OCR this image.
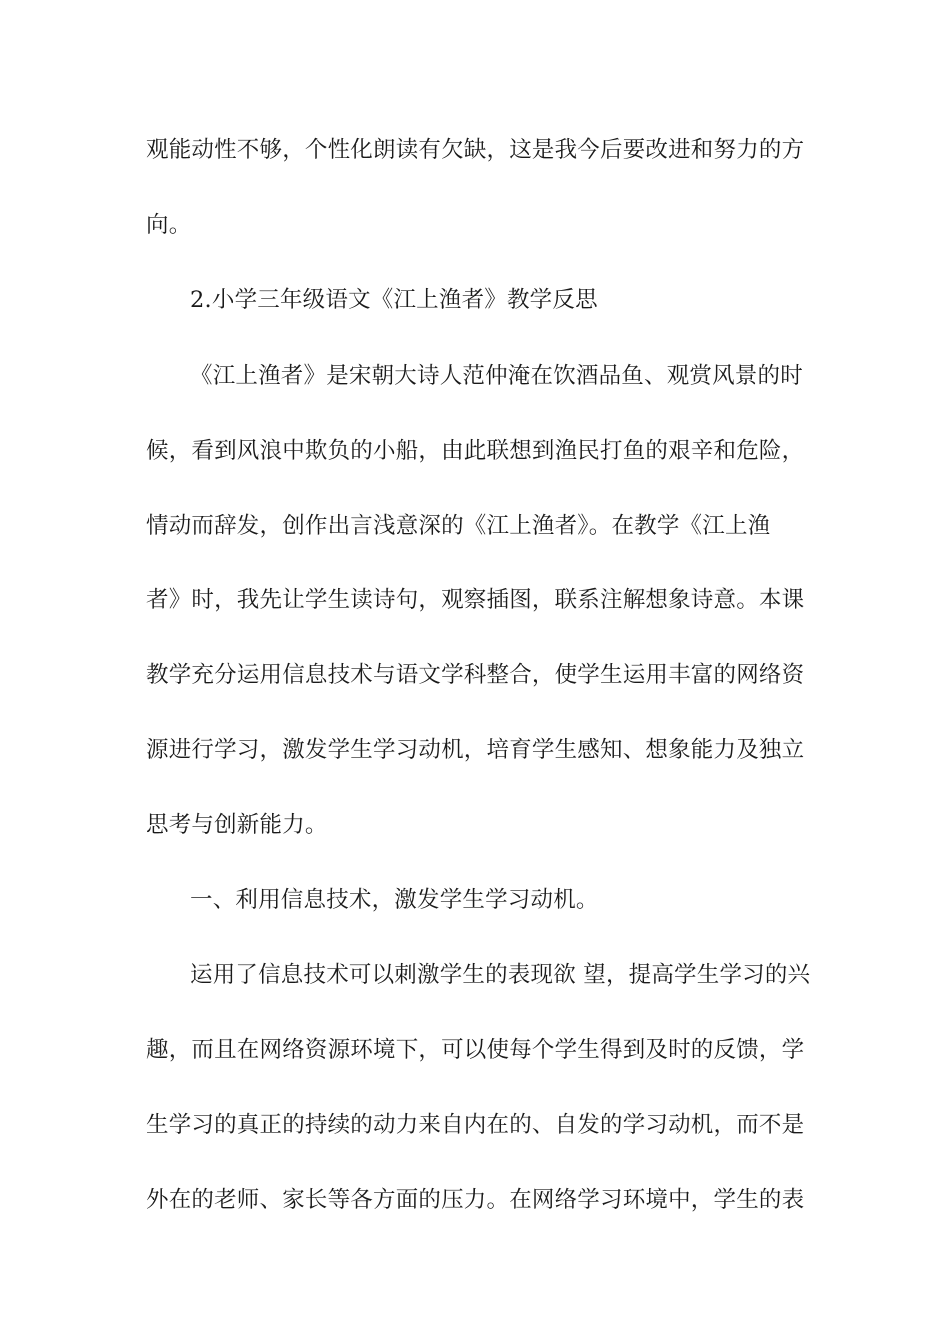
观能动性不够，个性化朗读有欠缺，这是我今后要改进和努力的方
向。
2.小学三年级语文《江上渔者》教学反思
《江上渔者》是宋朝大诗人范仲淹在饮酒品鱼、观赏风景的时
候，看到风浪中欺负的小船，由此联想到渔民打鱼的艰辛和危险，
情动而辞发，创作出言浅意深的《江上渔者》。在教学《江上渔
者》时，我先让学生读诗句，观察插图，联系注解想象诗意。本课
教学充分运用信息技术与语文学科整合，使学生运用丰富的网络资
源进行学习，激发学生学习动机，培育学生感知、想象能力及独立
思考与创新能力。
一、利用信息技术，激发学生学习动机。
运用了信息技术可以刺激学生的表现欲 望，提高学生学习的兴
趣，而且在网络资源环境下，可以使每个学生得到及时的反馈，学
生学习的真正的持续的动力来自内在的、自发的学习动机，而不是
外在的老师、家长等各方面的压力。在网络学习环境中，学生的表
